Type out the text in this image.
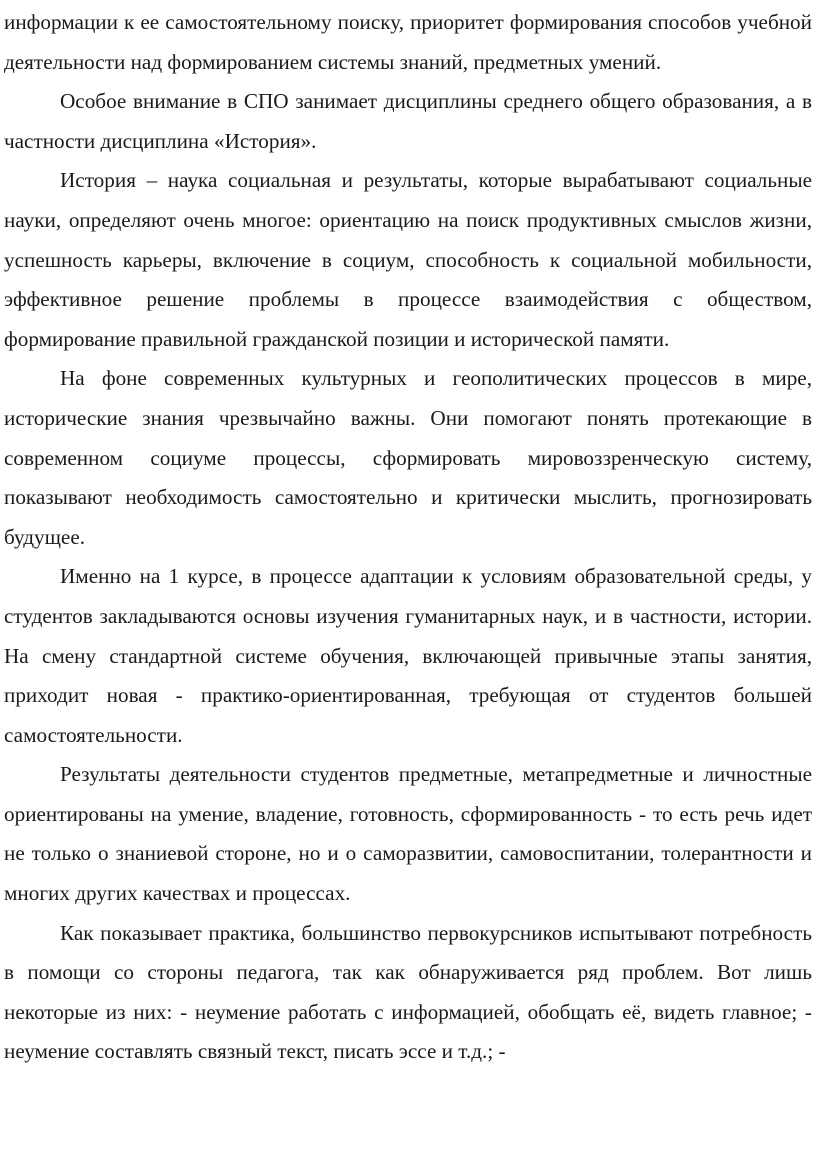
информации к ее самостоятельному поиску, приоритет формирования способов учебной деятельности над формированием системы знаний, предметных умений.

Особое внимание в СПО занимает дисциплины среднего общего образования, а в частности дисциплина «История».

История – наука социальная и результаты, которые вырабатывают социальные науки, определяют очень многое: ориентацию на поиск продуктивных смыслов жизни, успешность карьеры, включение в социум, способность к социальной мобильности, эффективное решение проблемы в процессе взаимодействия с обществом, формирование правильной гражданской позиции и исторической памяти.

На фоне современных культурных и геополитических процессов в мире, исторические знания чрезвычайно важны. Они помогают понять протекающие в современном социуме процессы, сформировать мировоззренческую систему, показывают необходимость самостоятельно и критически мыслить, прогнозировать будущее.

Именно на 1 курсе, в процессе адаптации к условиям образовательной среды, у студентов закладываются основы изучения гуманитарных наук, и в частности, истории. На смену стандартной системе обучения, включающей привычные этапы занятия, приходит новая - практико-ориентированная, требующая от студентов большей самостоятельности.

Результаты деятельности студентов предметные, метапредметные и личностные ориентированы на умение, владение, готовность, сформированность - то есть речь идет не только о знаниевой стороне, но и о саморазвитии, самовоспитании, толерантности и многих других качествах и процессах.

Как показывает практика, большинство первокурсников испытывают потребность в помощи со стороны педагога, так как обнаруживается ряд проблем. Вот лишь некоторые из них: - неумение работать с информацией, обобщать её, видеть главное; - неумение составлять связный текст, писать эссе и т.д.; -
